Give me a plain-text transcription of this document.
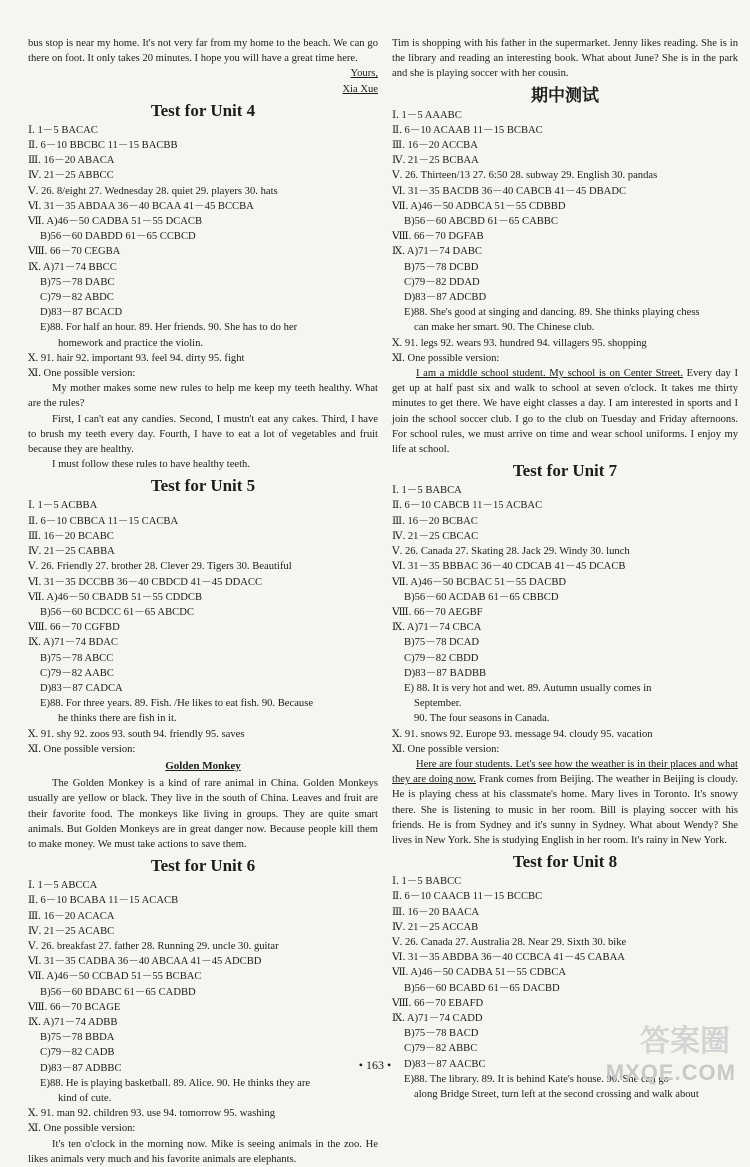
bus stop is near my home. It's not very far from my home to the beach. We can go there on foot. It only takes 20 minutes. I hope you will have a great time here.
Yours,
Xia Xue
Test for Unit 4
Ⅰ. 1－5 BACAC
Ⅱ. 6－10 BBCBC 11－15 BACBB
Ⅲ. 16－20 ABACA
Ⅳ. 21－25 ABBCC
Ⅴ. 26. 8/eight 27. Wednesday 28. quiet 29. players 30. hats
Ⅵ. 31－35 ABDAA 36－40 BCAA 41－45 BCCBA
Ⅶ. A)46－50 CADBA 51－55 DCACB
B)56－60 DABDD 61－65 CCBCD
Ⅷ. 66－70 CEGBA
Ⅸ. A)71－74 BBCC
B)75－78 DABC
C)79－82 ABDC
D)83－87 BCACD
E)88. For half an hour. 89. Her friends. 90. She has to do her
homework and practice the violin.
Ⅹ. 91. hair 92. important 93. feel 94. dirty 95. fight
Ⅺ. One possible version:
My mother makes some new rules to help me keep my teeth healthy. What are the rules?
First, I can't eat any candies. Second, I mustn't eat any cakes. Third, I have to brush my teeth every day. Fourth, I have to eat a lot of vegetables and fruit because they are healthy.
I must follow these rules to have healthy teeth.
Test for Unit 5
Ⅰ. 1－5 ACBBA
Ⅱ. 6－10 CBBCA 11－15 CACBA
Ⅲ. 16－20 BCABC
Ⅳ. 21－25 CABBA
Ⅴ. 26. Friendly 27. brother 28. Clever 29. Tigers 30. Beautiful
Ⅵ. 31－35 DCCBB 36－40 CBDCD 41－45 DDACC
Ⅶ. A)46－50 CBADB 51－55 CDDCB
B)56－60 BCDCC 61－65 ABCDC
Ⅷ. 66－70 CGFBD
Ⅸ. A)71－74 BDAC
B)75－78 ABCC
C)79－82 AABC
D)83－87 CADCA
E)88. For three years. 89. Fish. /He likes to eat fish. 90. Because
he thinks there are fish in it.
Ⅹ. 91. shy 92. zoos 93. south 94. friendly 95. saves
Ⅺ. One possible version:
Golden Monkey
The Golden Monkey is a kind of rare animal in China. Golden Monkeys usually are yellow or black. They live in the south of China. Leaves and fruit are their favorite food. The monkeys like living in groups. They are quite smart animals. But Golden Monkeys are in great danger now. Because people kill them to make money. We must take actions to save them.
Test for Unit 6
Ⅰ. 1－5 ABCCA
Ⅱ. 6－10 BCABA 11－15 ACACB
Ⅲ. 16－20 ACACA
Ⅳ. 21－25 ACABC
Ⅴ. 26. breakfast 27. father 28. Running 29. uncle 30. guitar
Ⅵ. 31－35 CADBA 36－40 ABCAA 41－45 ADCBD
Ⅶ. A)46－50 CCBAD 51－55 BCBAC
B)56－60 BDABC 61－65 CADBD
Ⅷ. 66－70 BCAGE
Ⅸ. A)71－74 ADBB
B)75－78 BBDA
C)79－82 CADB
D)83－87 ADBBC
E)88. He is playing basketball. 89. Alice. 90. He thinks they are
kind of cute.
Ⅹ. 91. man 92. children 93. use 94. tomorrow 95. washing
Ⅺ. One possible version:
It's ten o'clock in the morning now. Mike is seeing animals in the zoo. He likes animals very much and his favorite animals are elephants.
Tim is shopping with his father in the supermarket. Jenny likes reading. She is in the library and reading an interesting book. What about June? She is in the park and she is playing soccer with her cousin.
期中测试
Ⅰ. 1－5 AAABC
Ⅱ. 6－10 ACAAB 11－15 BCBAC
Ⅲ. 16－20 ACCBA
Ⅳ. 21－25 BCBAA
Ⅴ. 26. Thirteen/13 27. 6:50 28. subway 29. English 30. pandas
Ⅵ. 31－35 BACDB 36－40 CABCB 41－45 DBADC
Ⅶ. A)46－50 ADBCA 51－55 CDBBD
B)56－60 ABCBD 61－65 CABBC
Ⅷ. 66－70 DGFAB
Ⅸ. A)71－74 DABC
B)75－78 DCBD
C)79－82 DDAD
D)83－87 ADCBD
E)88. She's good at singing and dancing. 89. She thinks playing chess
can make her smart. 90. The Chinese club.
Ⅹ. 91. legs 92. wears 93. hundred 94. villagers 95. shopping
Ⅺ. One possible version:
I am a middle school student. My school is on Center Street. Every day I get up at half past six and walk to school at seven o'clock. It takes me thirty minutes to get there. We have eight classes a day. I am interested in sports and I join the school soccer club. I go to the club on Tuesday and Friday afternoons. For school rules, we must arrive on time and wear school uniforms. I enjoy my life at school.
Test for Unit 7
Ⅰ. 1－5 BABCA
Ⅱ. 6－10 CABCB 11－15 ACBAC
Ⅲ. 16－20 BCBAC
Ⅳ. 21－25 CBCAC
Ⅴ. 26. Canada 27. Skating 28. Jack 29. Windy 30. lunch
Ⅵ. 31－35 BBBAC 36－40 CDCAB 41－45 DCACB
Ⅶ. A)46－50 BCBAC 51－55 DACBD
B)56－60 ACDAB 61－65 CBBCD
Ⅷ. 66－70 AEGBF
Ⅸ. A)71－74 CBCA
B)75－78 DCAD
C)79－82 CBDD
D)83－87 BADBB
E) 88. It is very hot and wet. 89. Autumn usually comes in
September.
90. The four seasons in Canada.
Ⅹ. 91. snows 92. Europe 93. message 94. cloudy 95. vacation
Ⅺ. One possible version:
Here are four students. Let's see how the weather is in their places and what they are doing now. Frank comes from Beijing. The weather in Beijing is cloudy. He is playing chess at his classmate's home. Mary lives in Toronto. It's snowy there. She is listening to music in her room. Bill is playing soccer with his friends. He is from Sydney and it's sunny in Sydney. What about Wendy? She lives in New York. She is studying English in her room. It's rainy in New York.
Test for Unit 8
Ⅰ. 1－5 BABCC
Ⅱ. 6－10 CAACB 11－15 BCCBC
Ⅲ. 16－20 BAACA
Ⅳ. 21－25 ACCAB
Ⅴ. 26. Canada 27. Australia 28. Near 29. Sixth 30. bike
Ⅵ. 31－35 ABDBA 36－40 CCBCA 41－45 CABAA
Ⅶ. A)46－50 CADBA 51－55 CDBCA
B)56－60 BCABD 61－65 DACBD
Ⅷ. 66－70 EBAFD
Ⅸ. A)71－74 CADD
B)75－78 BACD
C)79－82 ABBC
D)83－87 AACBC
E)88. The library. 89. It is behind Kate's house. 90. She can go
along Bridge Street, turn left at the second crossing and walk about
• 163 •
答案圈
MXQE.COM
